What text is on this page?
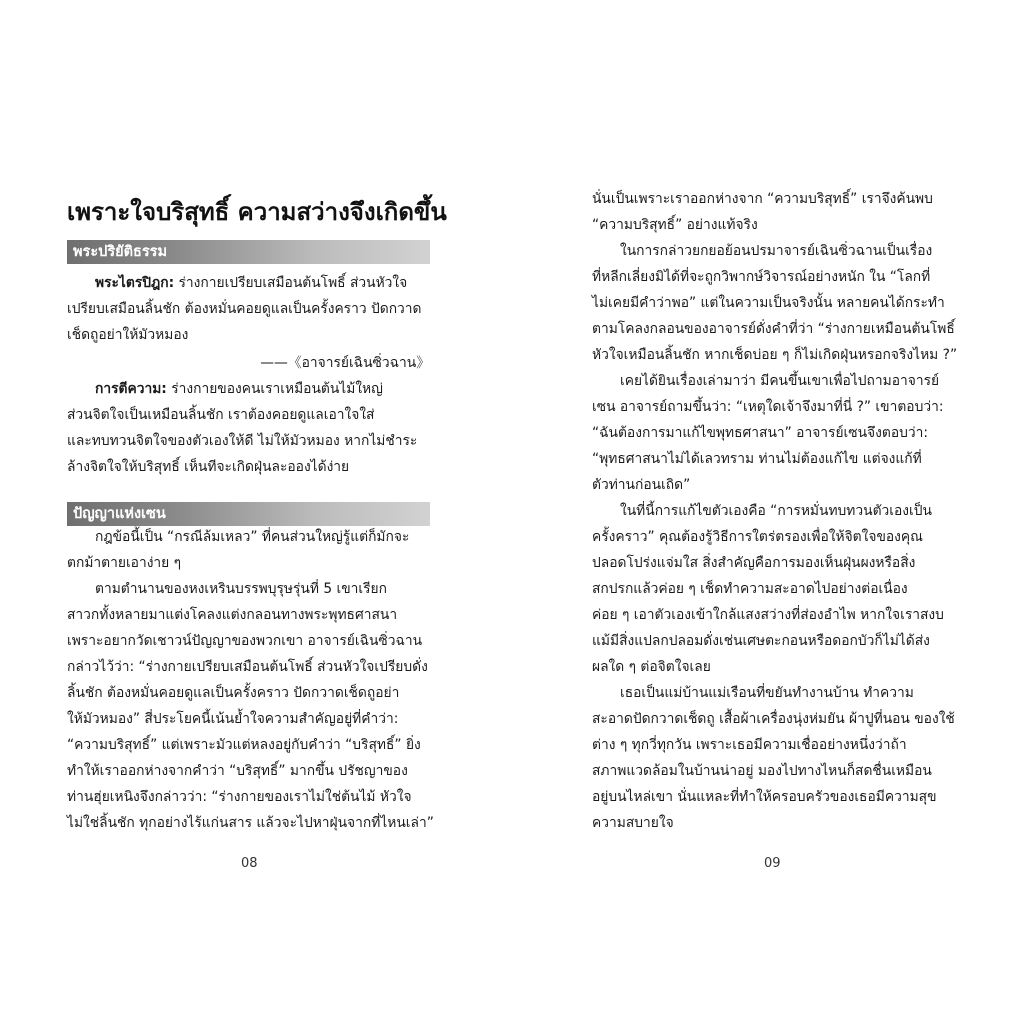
เพราะใจบริสุทธิ์ ความสว่างจึงเกิดขึ้น
พระปริยัติธรรม
พระไตรปิฎก: ร่างกายเปรียบเสมือนต้นโพธิ์ ส่วนหัวใจ
เปรียบเสมือนลิ้นชัก ต้องหมั่นคอยดูแลเป็นครั้งคราว ปัดกวาด
เช็ดถูอย่าให้มัวหมอง
——《อาจารย์เฉินซิ่วฉาน》
การตีความ: ร่างกายของคนเราเหมือนต้นไม้ใหญ่
ส่วนจิตใจเป็นเหมือนลิ้นชัก เราต้องคอยดูแลเอาใจใส่
และทบทวนจิตใจของตัวเองให้ดี ไม่ให้มัวหมอง หากไม่ชำระ
ล้างจิตใจให้บริสุทธิ์ เห็นทีจะเกิดฝุ่นละอองได้ง่าย
ปัญญาแห่งเซน
กฎข้อนี้เป็น “กรณีล้มเหลว” ที่คนส่วนใหญ่รู้แต่ก็มักจะ
ตกม้าตายเอาง่าย ๆ
ตามตำนานของหงเหรินบรรพบุรุษรุ่นที่ 5 เขาเรียก
สาวกทั้งหลายมาแต่งโคลงแต่งกลอนทางพระพุทธศาสนา
เพราะอยากวัดเชาวน์ปัญญาของพวกเขา อาจารย์เฉินซิ่วฉาน
กล่าวไว้ว่า: “ร่างกายเปรียบเสมือนต้นโพธิ์ ส่วนหัวใจเปรียบดั่ง
ลิ้นชัก ต้องหมั่นคอยดูแลเป็นครั้งคราว ปัดกวาดเช็ดถูอย่า
ให้มัวหมอง” สี่ประโยคนี้เน้นย้ำใจความสำคัญอยู่ที่คำว่า:
“ความบริสุทธิ์” แต่เพราะมัวแต่หลงอยู่กับคำว่า “บริสุทธิ์” ยิ่ง
ทำให้เราออกห่างจากคำว่า “บริสุทธิ์” มากขึ้น ปรัชญาของ
ท่านฮุ่ยเหนิงจึงกล่าวว่า: “ร่างกายของเราไม่ใช่ต้นไม้ หัวใจ
ไม่ใช่ลิ้นชัก ทุกอย่างไร้แก่นสาร แล้วจะไปหาฝุ่นจากที่ไหนเล่า”
08
นั่นเป็นเพราะเราออกห่างจาก “ความบริสุทธิ์” เราจึงค้นพบ
“ความบริสุทธิ์” อย่างแท้จริง
ในการกล่าวยกยอย้อนปรมาจารย์เฉินซิ่วฉานเป็นเรื่อง
ที่หลีกเลี่ยงมิได้ที่จะถูกวิพากษ์วิจารณ์อย่างหนัก ใน “โลกที่
ไม่เคยมีคำว่าพอ” แต่ในความเป็นจริงนั้น หลายคนได้กระทำ
ตามโคลงกลอนของอาจารย์ดั่งคำที่ว่า “ร่างกายเหมือนต้นโพธิ์
หัวใจเหมือนลิ้นชัก หากเช็ดบ่อย ๆ ก็ไม่เกิดฝุ่นหรอกจริงไหม ?”
เคยได้ยินเรื่องเล่ามาว่า มีคนขึ้นเขาเพื่อไปถามอาจารย์
เซน อาจารย์ถามขึ้นว่า: “เหตุใดเจ้าจึงมาที่นี่ ?” เขาตอบว่า:
“ฉันต้องการมาแก้ไขพุทธศาสนา” อาจารย์เซนจึงตอบว่า:
“พุทธศาสนาไม่ได้เลวทราม ท่านไม่ต้องแก้ไข แต่จงแก้ที่
ตัวท่านก่อนเถิด”
ในที่นี้การแก้ไขตัวเองคือ “การหมั่นทบทวนตัวเองเป็น
ครั้งคราว” คุณต้องรู้วิธีการใตร่ตรองเพื่อให้จิตใจของคุณ
ปลอดโปร่งแจ่มใส สิ่งสำคัญคือการมองเห็นฝุ่นผงหรือสิ่ง
สกปรกแล้วค่อย ๆ เช็ดทำความสะอาดไปอย่างต่อเนื่อง
ค่อย ๆ เอาตัวเองเข้าใกล้แสงสว่างที่ส่องอำไพ หากใจเราสงบ
แม้มีสิ่งแปลกปลอมดั่งเช่นเศษตะกอนหรือดอกบัวก็ไม่ได้ส่ง
ผลใด ๆ ต่อจิตใจเลย
เธอเป็นแม่บ้านแม่เรือนที่ขยันทำงานบ้าน ทำความ
สะอาดปัดกวาดเช็ดถู เสื้อผ้าเครื่องนุ่งห่มยัน ผ้าปูที่นอน ของใช้
ต่าง ๆ ทุกวี่ทุกวัน เพราะเธอมีความเชื่ออย่างหนึ่งว่าถ้า
สภาพแวดล้อมในบ้านน่าอยู่ มองไปทางไหนก็สดชื่นเหมือน
อยู่บนไหล่เขา นั่นแหละที่ทำให้ครอบครัวของเธอมีความสุข
ความสบายใจ
09
